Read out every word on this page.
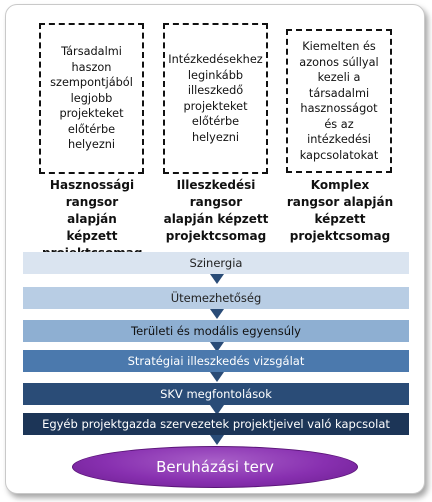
Társadalmi haszon szempontjából legjobb projekteket előtérbe helyezni
Intézkedésekhez leginkább illeszkedő projekteket előtérbe helyezni
Kiemelten és azonos súllyal kezeli a társadalmi hasznosságot és az intézkedési kapcsolatokat
Hasznossági rangsor alapján képzett
Illeszkedési rangsor alapján képzett projektcsomag
Komplex rangsor alapján képzett projektcsomag
Szinergia
Ütemezhetőség
Területi és modális egyensúly
Stratégiai illeszkedés vizsgálat
SKV megfontolások
Egyéb projektgazda szervezetek projektjeivel való kapcsolat
Beruházási terv
